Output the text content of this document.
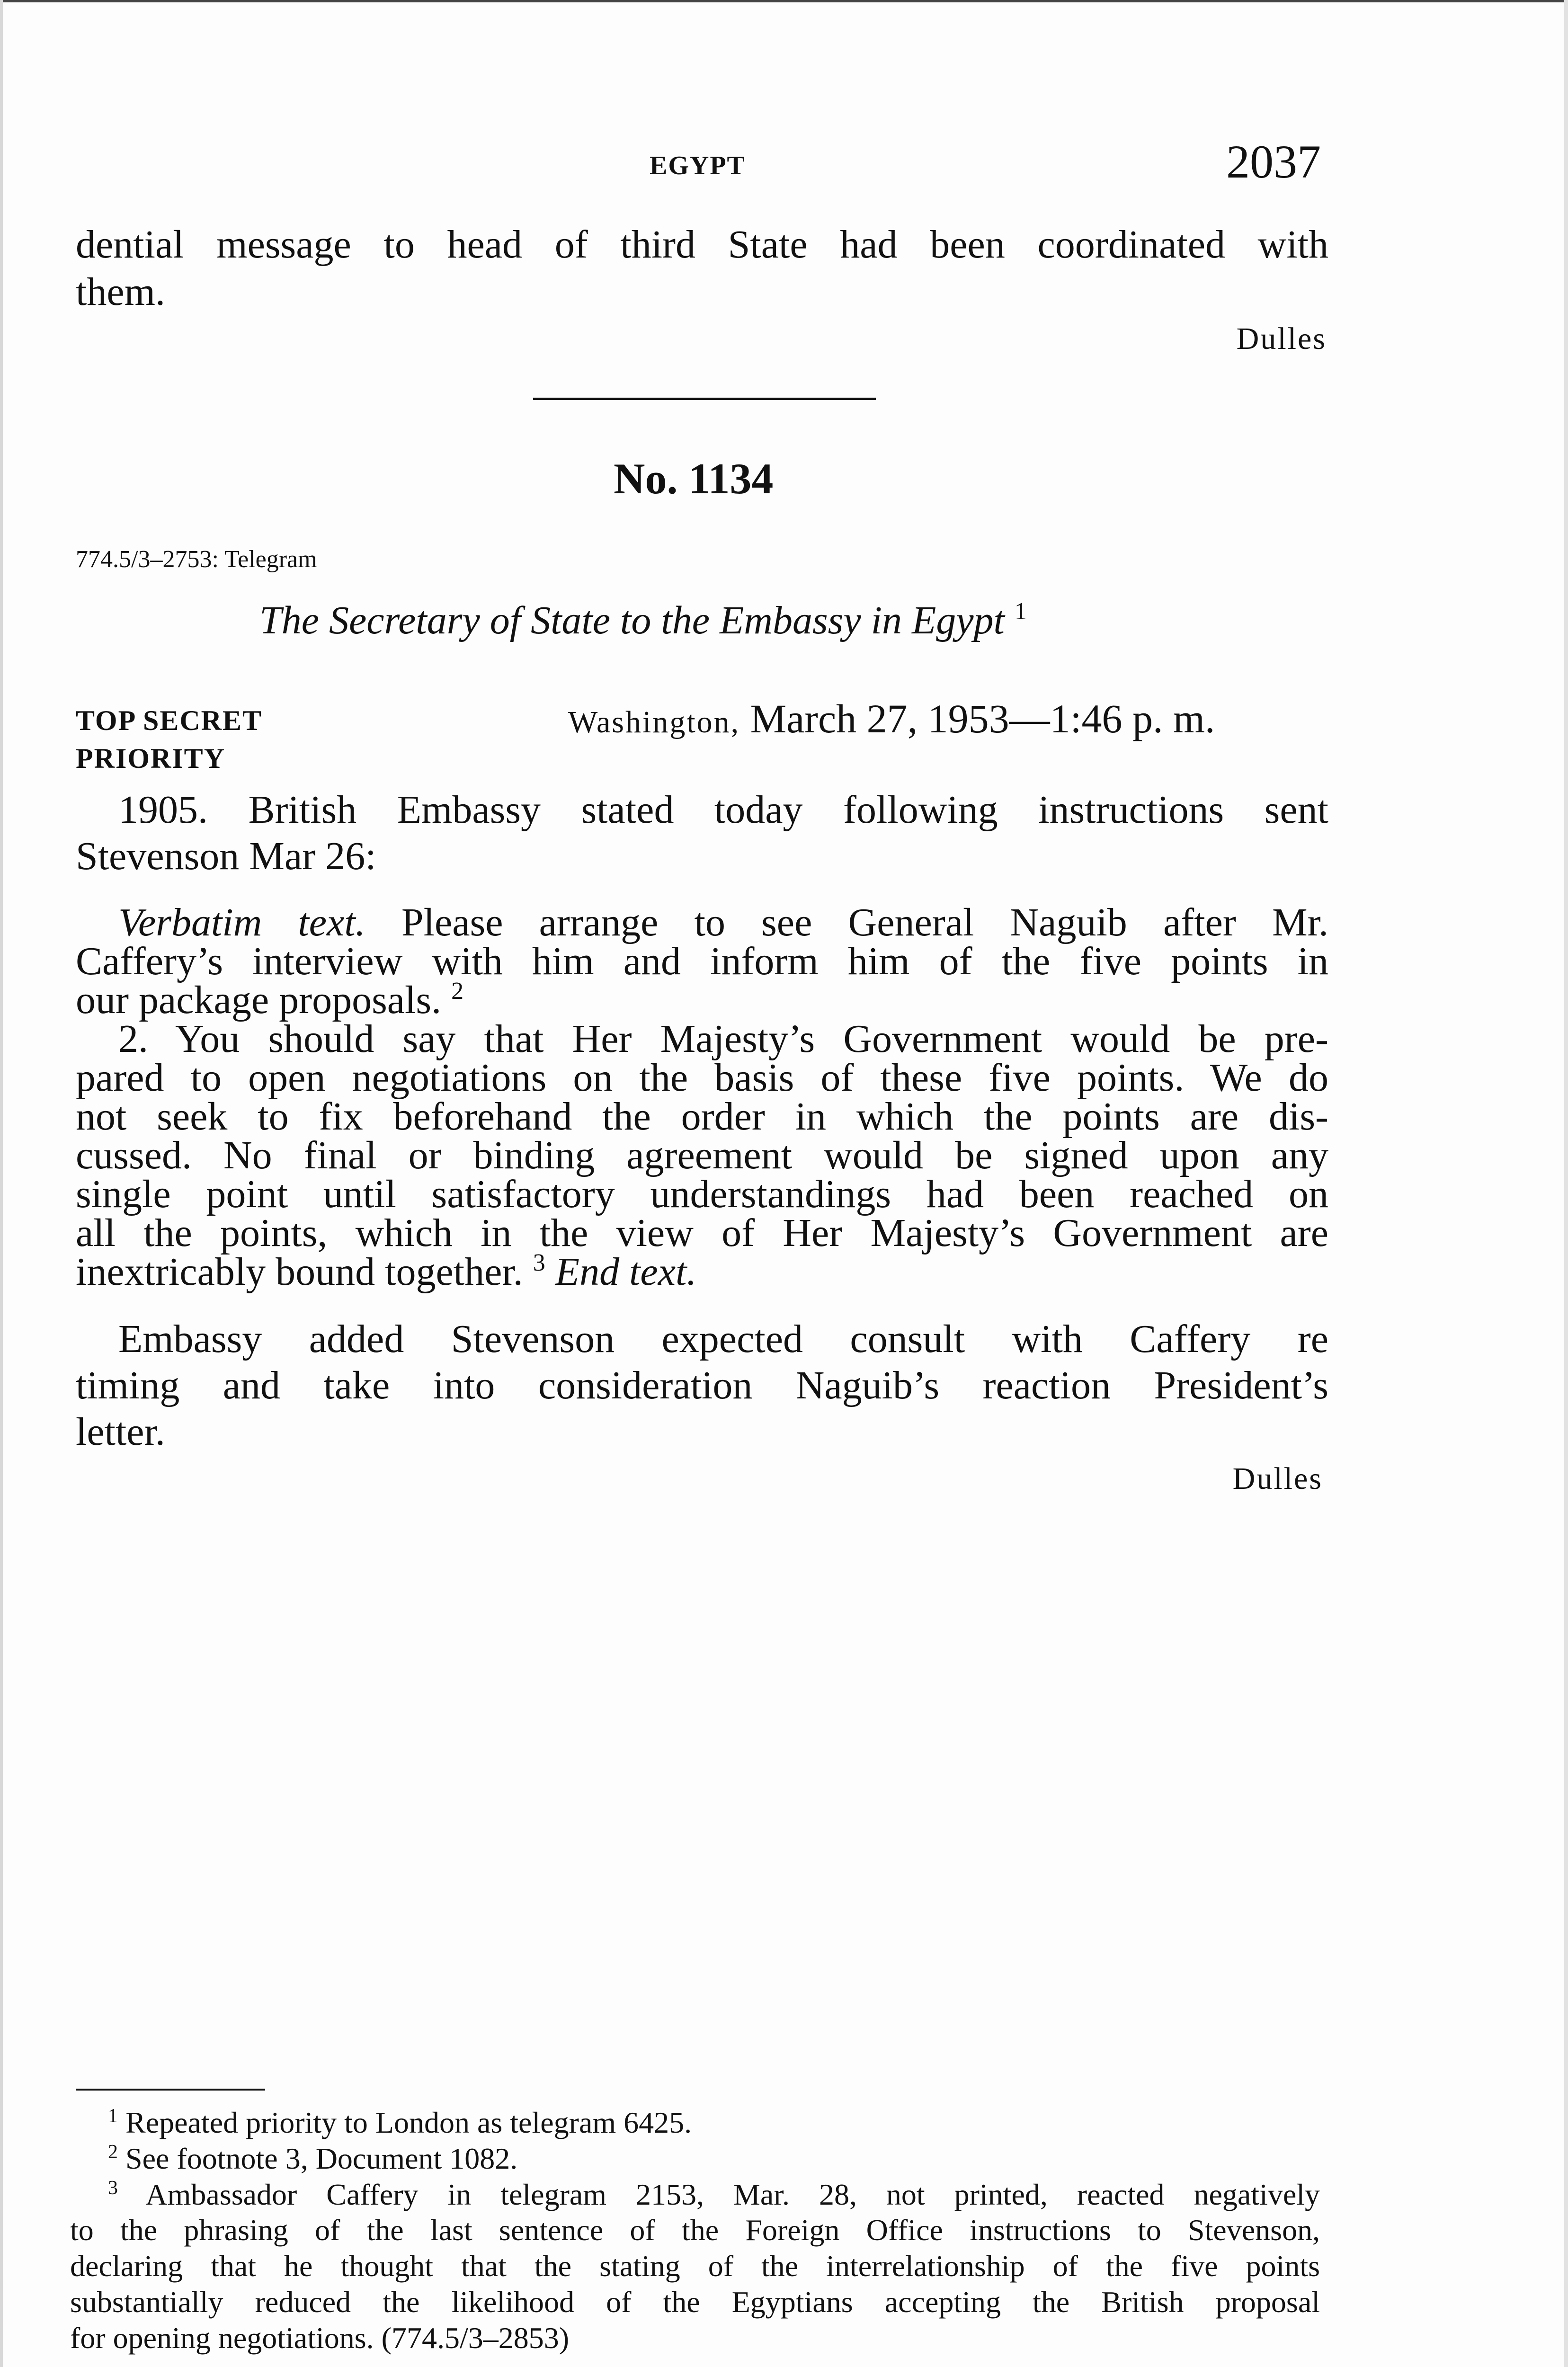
EGYPT	2037
dential message to head of third State had been coordinated with
them.
Dulles
No. 1134
774.5/3–2753: Telegram
The Secretary of State to the Embassy in Egypt $^1$
TOP SECRET
PRIORITY
Washington, March 27, 1953—1:46 p. m.
1905. British Embassy stated today following instructions sent
Stevenson Mar 26:
Verbatim text. Please arrange to see General Naguib after Mr.
Caffery’s interview with him and inform him of the five points in
our package proposals. $^2$
2. You should say that Her Majesty’s Government would be pre-
pared to open negotiations on the basis of these five points. We do
not seek to fix beforehand the order in which the points are dis-
cussed. No final or binding agreement would be signed upon any
single point until satisfactory understandings had been reached on
all the points, which in the view of Her Majesty’s Government are
inextricably bound together. $^3$ End text.
Embassy added Stevenson expected consult with Caffery re
timing and take into consideration Naguib’s reaction President’s
letter.
Dulles
$^1$ Repeated priority to London as telegram 6425.
$^2$ See footnote 3, Document 1082.
$^3$ Ambassador Caffery in telegram 2153, Mar. 28, not printed, reacted negatively
to the phrasing of the last sentence of the Foreign Office instructions to Stevenson,
declaring that he thought that the stating of the interrelationship of the five points
substantially reduced the likelihood of the Egyptians accepting the British proposal
for opening negotiations. (774.5/3–2853)
